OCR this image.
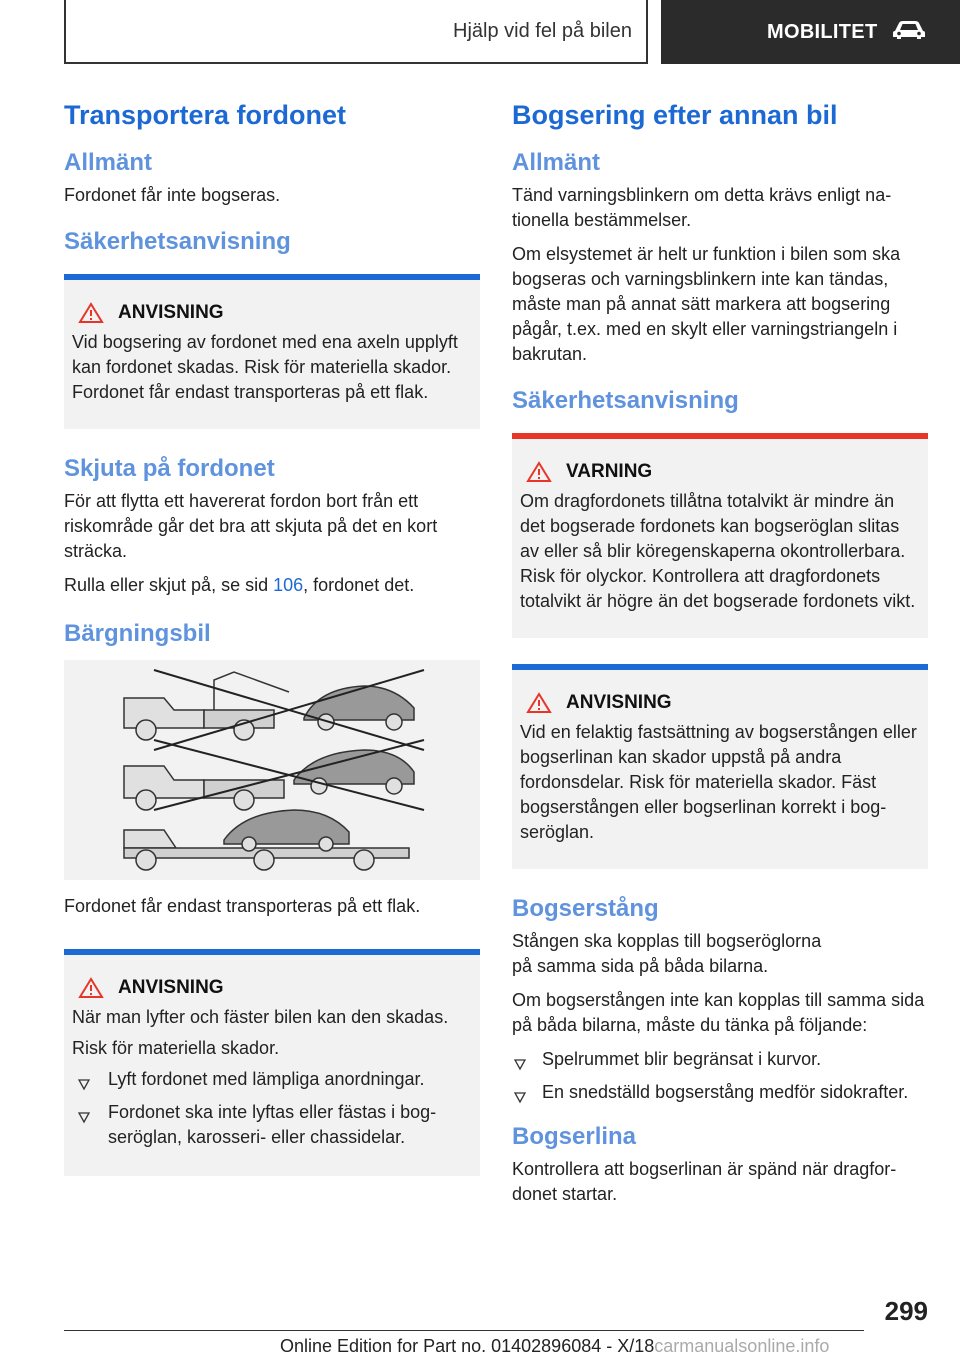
Hjälp vid fel på bilen	MOBILITET
Transportera fordonet
Allmänt

Fordonet får inte bogseras.

Säkerhetsanvisning
ANVISNING

Vid bogsering av fordonet med ena axeln upplyft kan fordonet skadas. Risk för materiella skador. Fordonet får endast transporteras på ett flak.

Skjuta på fordonet

För att flytta ett havererat fordon bort från ett riskområde går det bra att skjuta på det en kort sträcka.

Rulla eller skjut på, se sid 106, fordonet det.

Bärgningsbil

Fordonet får endast transporteras på ett flak.

ANVISNING

När man lyfter och fäster bilen kan den skadas.

Risk för materiella skador.

Lyft fordonet med lämpliga anordningar.
Fordonet ska inte lyftas eller fästas i bogseröglan, karosseri- eller chassidelar.
Bogsering efter annan bil
Allmänt

Tänd varningsblinkern om detta krävs enligt nationella bestämmelser.

Om elsystemet är helt ur funktion i bilen som ska bogseras och varningsblinkern inte kan tändas, måste man på annat sätt markera att bogsering pågår, t.ex. med en skylt eller varningstriangeln i bakrutan.

Säkerhetsanvisning
VARNING

Om dragfordonets tillåtna totalvikt är mindre än det bogserade fordonets kan bogseröglan slitas av eller så blir köregenskaperna okontrollerbara. Risk för olyckor. Kontrollera att dragfordonets totalvikt är högre än det bogserade fordonets vikt.

ANVISNING

Vid en felaktig fastsättning av bogserstången eller bogserlinan kan skador uppstå på andra fordonsdelar. Risk för materiella skador. Fäst bogserstången eller bogserlinan korrekt i bogseröglan.

Bogserstång

Stången ska kopplas till bogseröglorna
på samma sida på båda bilarna.

Om bogserstången inte kan kopplas till samma sida på båda bilarna, måste du tänka på följande:

Spelrummet blir begränsat i kurvor.
En snedställd bogserstång medför sidokrafter.
Bogserlina

Kontrollera att bogserlinan är spänd när dragfordonet startar.

299
Online Edition for Part no. 01402896084 - X/18carmanualsonline.info
